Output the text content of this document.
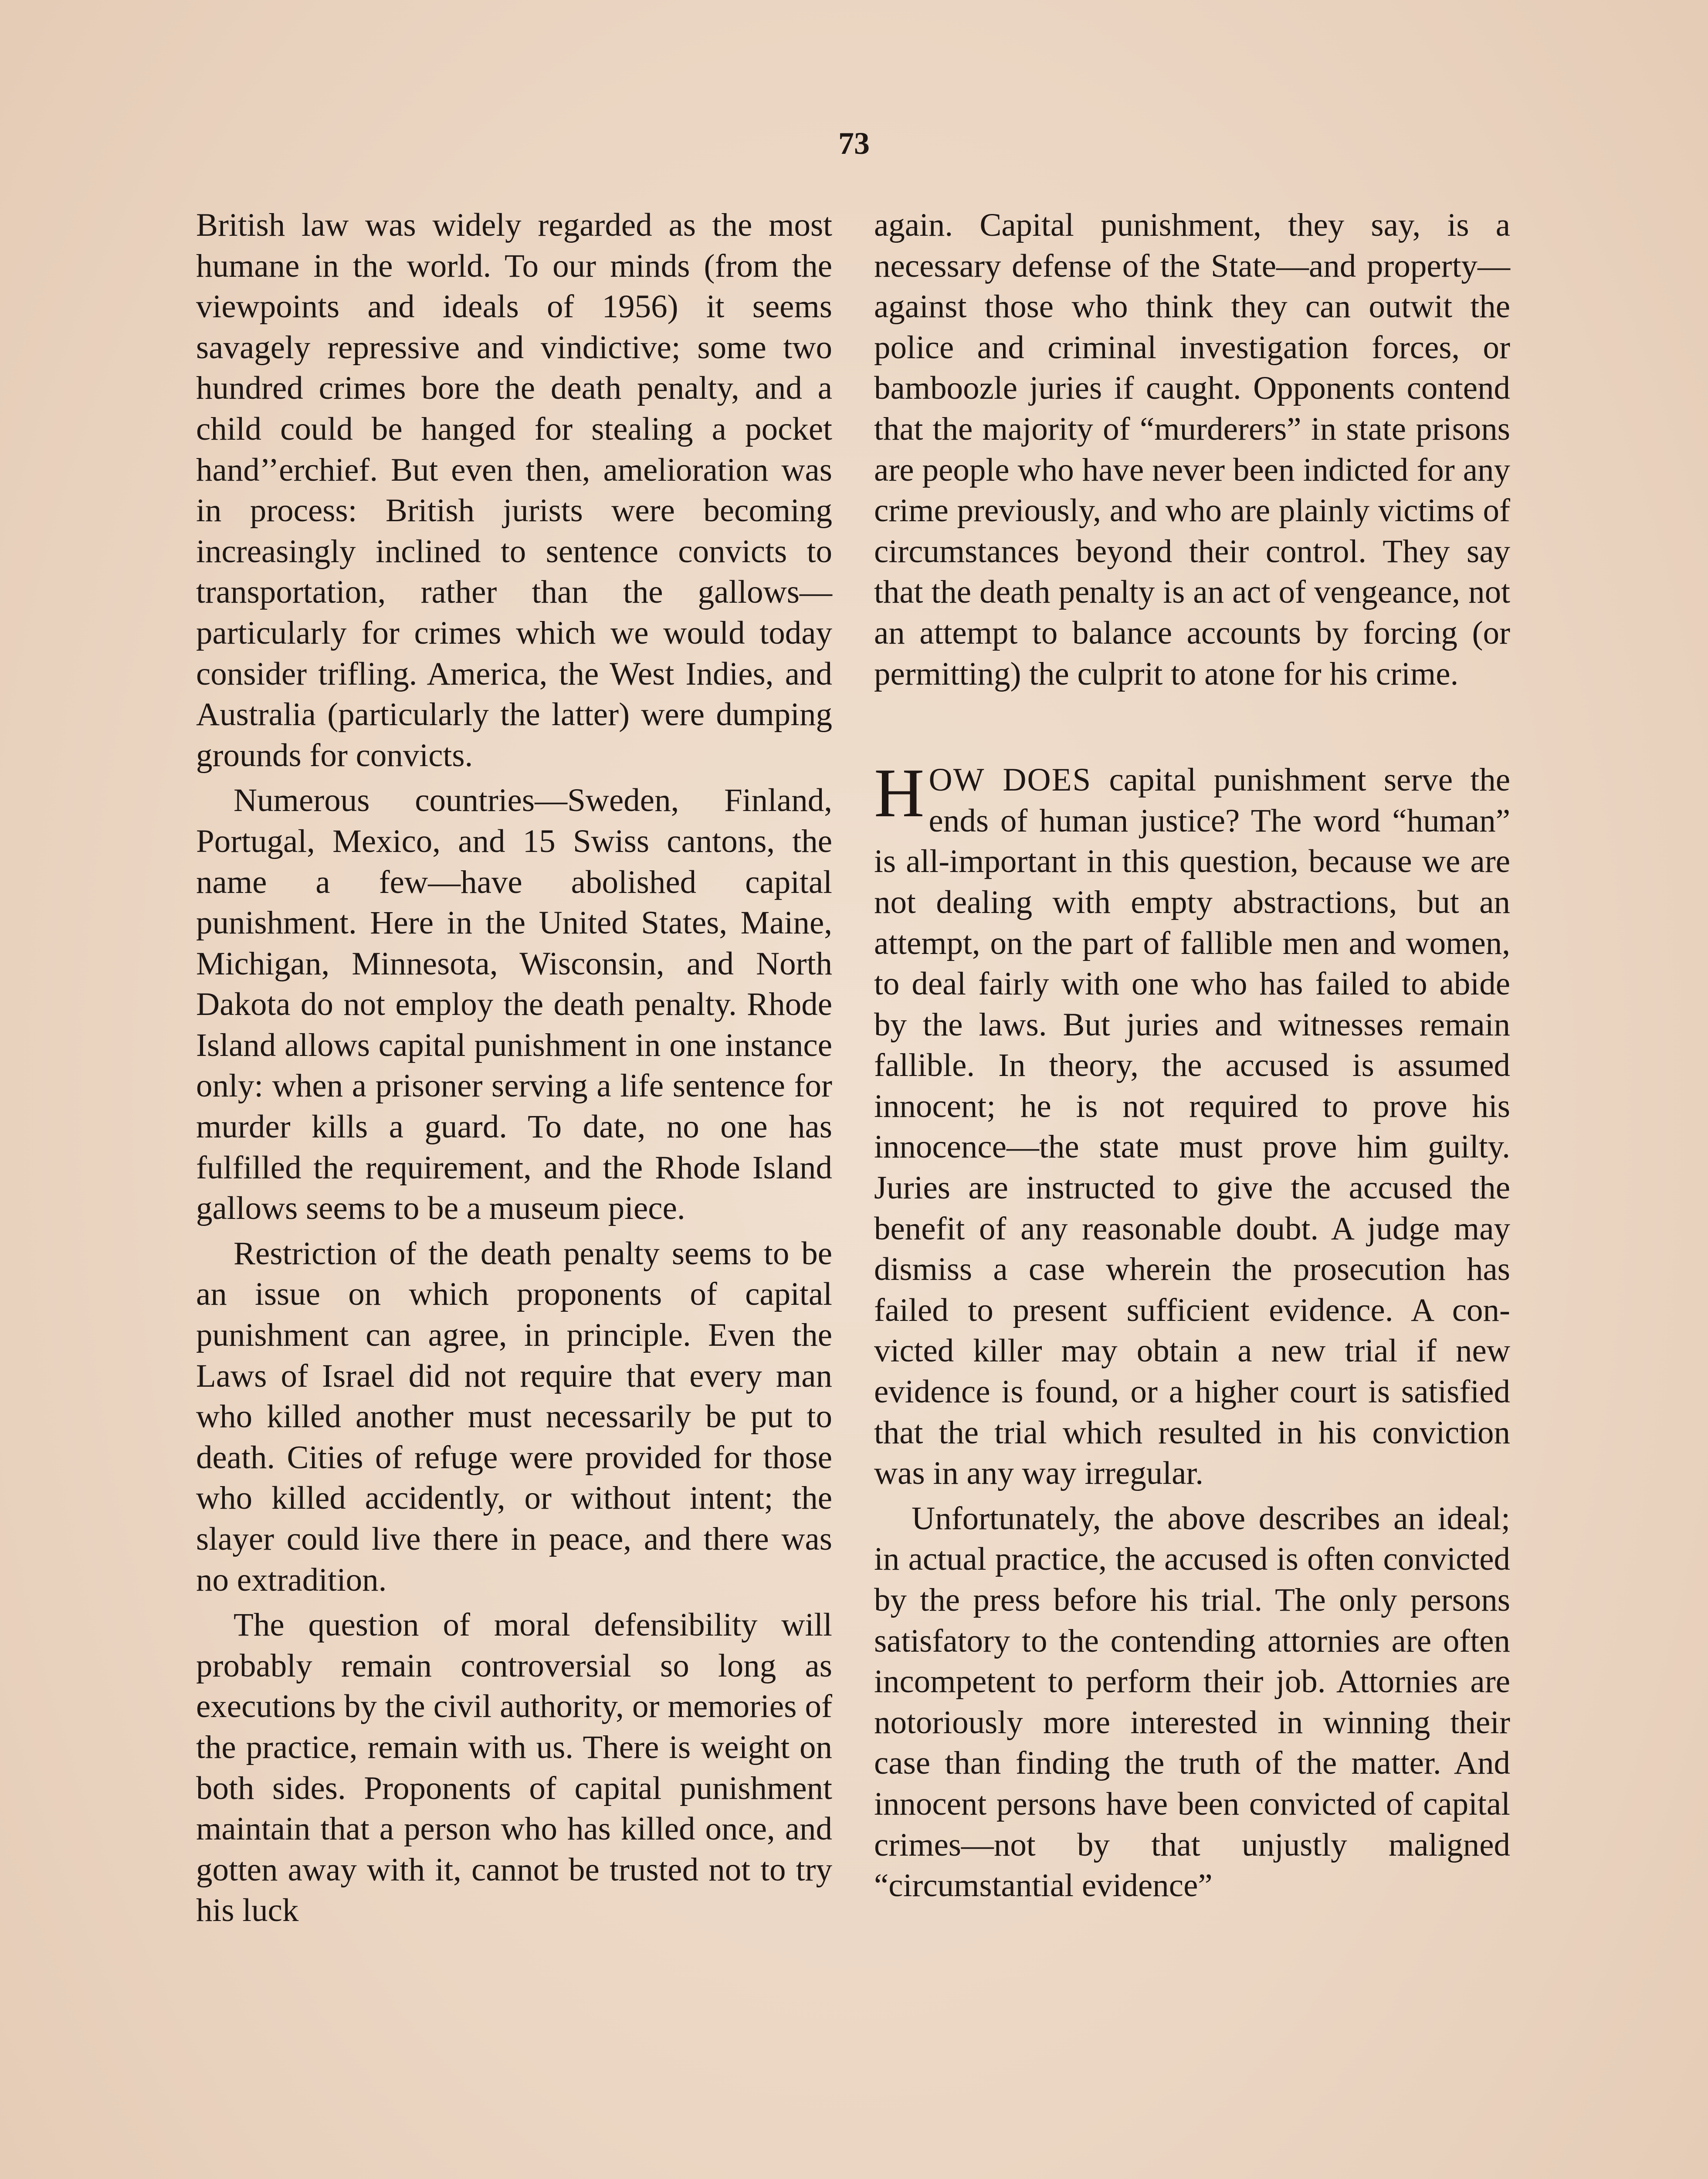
73

British law was widely regarded as the most humane in the world. To our minds (from the viewpoints and ideals of 1956) it seems savagely repressive and vindictive; some two hundred crimes bore the death penalty, and a child could be hanged for stealing a pocket hand’’erchief. But even then, amelioration was in process: British jurists were becoming increasingly inclined to sentence convicts to transportation, rather than the gallows—particularly for crimes which we would today consider trifling. America, the West Indies, and Australia (particularly the latter) were dumping grounds for convicts.

Numerous countries—Sweden, Finland, Portugal, Mexico, and 15 Swiss cantons, the name a few—have abolished capital punishment. Here in the United States, Maine, Michigan, Minnesota, Wisconsin, and North Dakota do not employ the death penalty. Rhode Island allows capital punishment in one instance only: when a prisoner serving a life sentence for murder kills a guard. To date, no one has fulfilled the requirement, and the Rhode Island gallows seems to be a museum piece.

Restriction of the death penalty seems to be an issue on which proponents of capital punishment can agree, in principle. Even the Laws of Israel did not require that every man who killed another must necessarily be put to death. Cities of refuge were provided for those who killed accidently, or without intent; the slayer could live there in peace, and there was no extradition.

The question of moral defensibility will probably remain controversial so long as executions by the civil authority, or memories of the practice, remain with us. There is weight on both sides. Proponents of capital punishment maintain that a person who has killed once, and gotten away with it, cannot be trusted not to try his luck

again. Capital punishment, they say, is a necessary defense of the State—and property—against those who think they can outwit the police and criminal investigation forces, or bamboozle juries if caught. Opponents contend that the majority of “murderers” in state prisons are people who have never been indicted for any crime previously, and who are plainly victims of circumstances beyond their control. They say that the death penalty is an act of vengeance, not an attempt to balance accounts by forcing (or permitting) the culprit to atone for his crime.

HOW DOES capital punishment serve the ends of human justice? The word “human” is all-important in this question, because we are not dealing with empty abstractions, but an attempt, on the part of fallible men and women, to deal fairly with one who has failed to abide by the laws. But juries and witnesses remain fallible. In theory, the accused is assumed innocent; he is not required to prove his innocence—the state must prove him guilty. Juries are instructed to give the accused the benefit of any reasonable doubt. A judge may dismiss a case wherein the prosecution has failed to present sufficient evidence. A convicted killer may obtain a new trial if new evidence is found, or a higher court is satisfied that the trial which resulted in his conviction was in any way irregular.

Unfortunately, the above describes an ideal; in actual practice, the accused is often convicted by the press before his trial. The only persons satisfatory to the contending attornies are often incompetent to perform their job. Attornies are notoriously more interested in winning their case than finding the truth of the matter. And innocent persons have been convicted of capital crimes—not by that unjustly maligned “circumstantial evidence”
